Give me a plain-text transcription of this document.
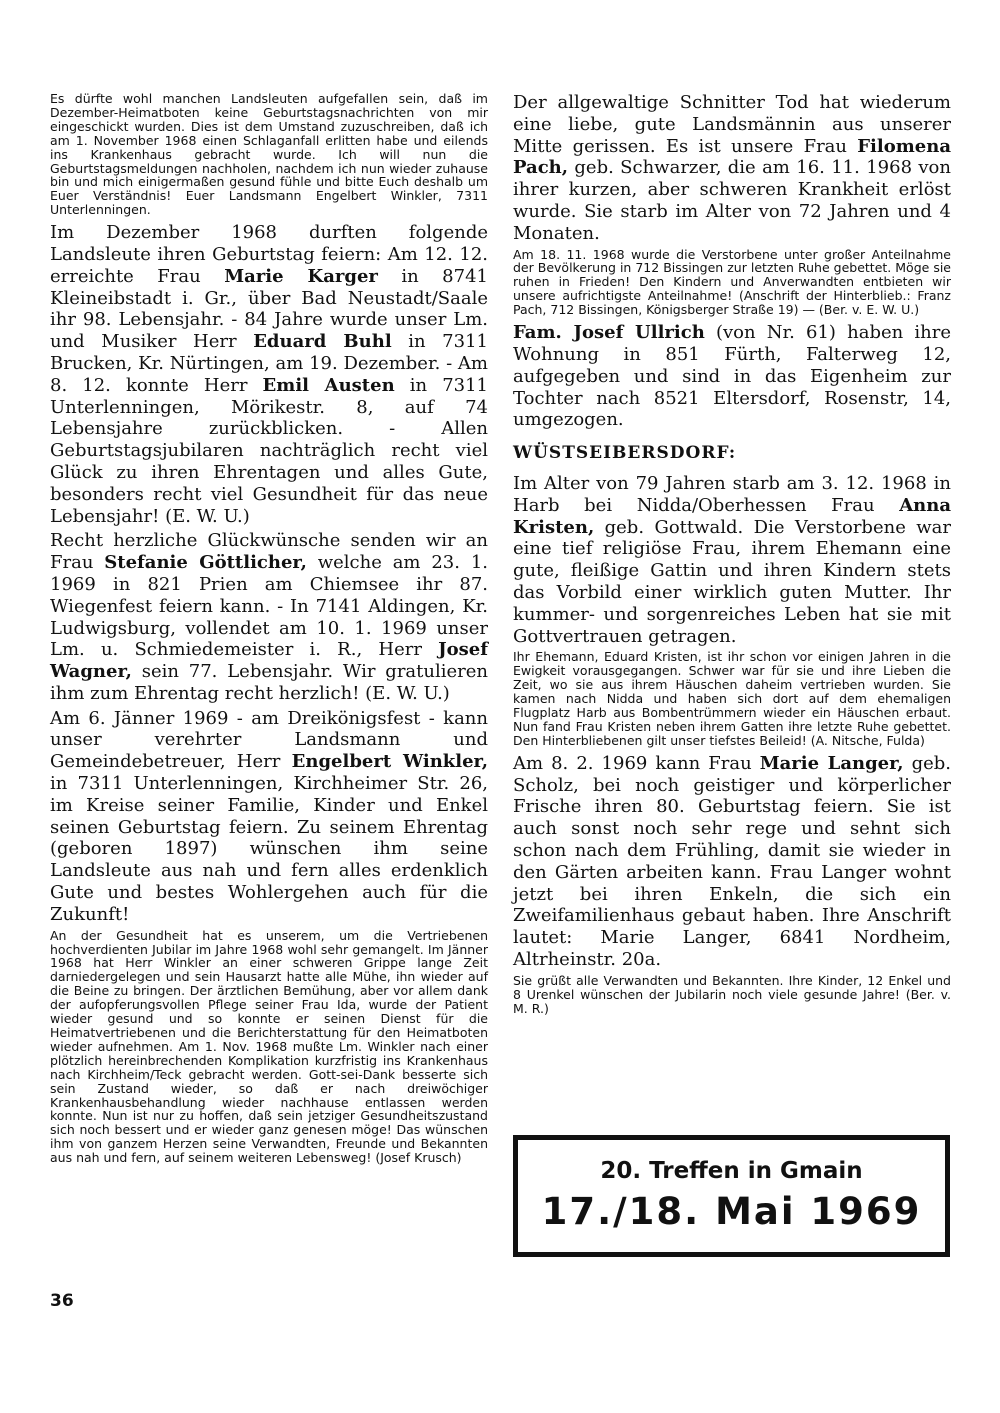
Es dürfte wohl manchen Landsleuten aufgefallen sein, daß im Dezember-Heimatboten keine Geburtstagsnachrichten von mir eingeschickt wurden. Dies ist dem Umstand zuzuschreiben, daß ich am 1. November 1968 einen Schlaganfall erlitten habe und eilends ins Krankenhaus gebracht wurde. Ich will nun die Geburtstagsmeldungen nachholen, nachdem ich nun wieder zuhause bin und mich einigermaßen gesund fühle und bitte Euch deshalb um Euer Verständnis! Euer Landsmann Engelbert Winkler, 7311 Unterlenningen.

Im Dezember 1968 durften folgende Landsleute ihren Geburtstag feiern: Am 12. 12. erreichte Frau Marie Karger in 8741 Kleineibstadt i. Gr., über Bad Neustadt/Saale ihr 98. Lebensjahr. - 84 Jahre wurde unser Lm. und Musiker Herr Eduard Buhl in 7311 Brucken, Kr. Nürtingen, am 19. Dezember. - Am 8. 12. konnte Herr Emil Austen in 7311 Unterlenningen, Mörikestr. 8, auf 74 Lebensjahre zurückblicken. - Allen Geburtstagsjubilaren nachträglich recht viel Glück zu ihren Ehrentagen und alles Gute, besonders recht viel Gesundheit für das neue Lebensjahr! (E. W. U.)

Recht herzliche Glückwünsche senden wir an Frau Stefanie Göttlicher, welche am 23. 1. 1969 in 821 Prien am Chiemsee ihr 87. Wiegenfest feiern kann. - In 7141 Aldingen, Kr. Ludwigsburg, vollendet am 10. 1. 1969 unser Lm. u. Schmiedemeister i. R., Herr Josef Wagner, sein 77. Lebensjahr. Wir gratulieren ihm zum Ehrentag recht herzlich! (E. W. U.)

Am 6. Jänner 1969 - am Dreikönigsfest - kann unser verehrter Landsmann und Gemeindebetreuer, Herr Engelbert Winkler, in 7311 Unterlenningen, Kirchheimer Str. 26, im Kreise seiner Familie, Kinder und Enkel seinen Geburtstag feiern. Zu seinem Ehrentag (geboren 1897) wünschen ihm seine Landsleute aus nah und fern alles erdenklich Gute und bestes Wohlergehen auch für die Zukunft!

An der Gesundheit hat es unserem, um die Vertriebenen hochverdienten Jubilar im Jahre 1968 wohl sehr gemangelt. Im Jänner 1968 hat Herr Winkler an einer schweren Grippe lange Zeit darniedergelegen und sein Hausarzt hatte alle Mühe, ihn wieder auf die Beine zu bringen. Der ärztlichen Bemühung, aber vor allem dank der aufopferungsvollen Pflege seiner Frau Ida, wurde der Patient wieder gesund und so konnte er seinen Dienst für die Heimatvertriebenen und die Berichterstattung für den Heimatboten wieder aufnehmen. Am 1. Nov. 1968 mußte Lm. Winkler nach einer plötzlich hereinbrechenden Komplikation kurzfristig ins Krankenhaus nach Kirchheim/Teck gebracht werden. Gott-sei-Dank besserte sich sein Zustand wieder, so daß er nach dreiwöchiger Krankenhausbehandlung wieder nachhause entlassen werden konnte. Nun ist nur zu hoffen, daß sein jetziger Gesundheitszustand sich noch bessert und er wieder ganz genesen möge! Das wünschen ihm von ganzem Herzen seine Verwandten, Freunde und Bekannten aus nah und fern, auf seinem weiteren Lebensweg! (Josef Krusch)

Der allgewaltige Schnitter Tod hat wiederum eine liebe, gute Landsmännin aus unserer Mitte gerissen. Es ist unsere Frau Filomena Pach, geb. Schwarzer, die am 16. 11. 1968 von ihrer kurzen, aber schweren Krankheit erlöst wurde. Sie starb im Alter von 72 Jahren und 4 Monaten.

Am 18. 11. 1968 wurde die Verstorbene unter großer Anteilnahme der Bevölkerung in 712 Bissingen zur letzten Ruhe gebettet. Möge sie ruhen in Frieden! Den Kindern und Anverwandten entbieten wir unsere aufrichtigste Anteilnahme! (Anschrift der Hinterblieb.: Franz Pach, 712 Bissingen, Königsberger Straße 19) — (Ber. v. E. W. U.)

Fam. Josef Ullrich (von Nr. 61) haben ihre Wohnung in 851 Fürth, Falterweg 12, aufgegeben und sind in das Eigenheim zur Tochter nach 8521 Eltersdorf, Rosenstr, 14, umgezogen.

WÜSTSEIBERSDORF:

Im Alter von 79 Jahren starb am 3. 12. 1968 in Harb bei Nidda/Oberhessen Frau Anna Kristen, geb. Gottwald. Die Verstorbene war eine tief religiöse Frau, ihrem Ehemann eine gute, fleißige Gattin und ihren Kindern stets das Vorbild einer wirklich guten Mutter. Ihr kummer- und sorgenreiches Leben hat sie mit Gottvertrauen getragen.

Ihr Ehemann, Eduard Kristen, ist ihr schon vor einigen Jahren in die Ewigkeit vorausgegangen. Schwer war für sie und ihre Lieben die Zeit, wo sie aus ihrem Häuschen daheim vertrieben wurden. Sie kamen nach Nidda und haben sich dort auf dem ehemaligen Flugplatz Harb aus Bombentrümmern wieder ein Häuschen erbaut. Nun fand Frau Kristen neben ihrem Gatten ihre letzte Ruhe gebettet. Den Hinterbliebenen gilt unser tiefstes Beileid! (A. Nitsche, Fulda)

Am 8. 2. 1969 kann Frau Marie Langer, geb. Scholz, bei noch geistiger und körperlicher Frische ihren 80. Geburtstag feiern. Sie ist auch sonst noch sehr rege und sehnt sich schon nach dem Frühling, damit sie wieder in den Gärten arbeiten kann. Frau Langer wohnt jetzt bei ihren Enkeln, die sich ein Zweifamilienhaus gebaut haben. Ihre Anschrift lautet: Marie Langer, 6841 Nordheim, Altrheinstr. 20a.

Sie grüßt alle Verwandten und Bekannten. Ihre Kinder, 12 Enkel und 8 Urenkel wünschen der Jubilarin noch viele gesunde Jahre! (Ber. v. M. R.)

20. Treffen in Gmain
17./18. Mai 1969
36
